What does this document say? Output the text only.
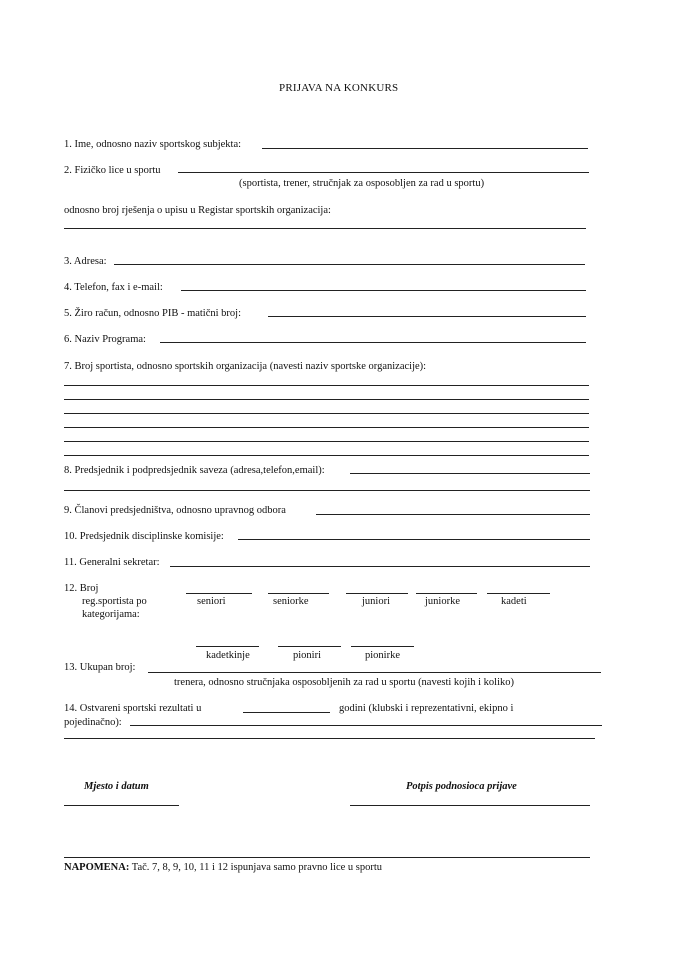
PRIJAVA NA KONKURS
1. Ime, odnosno naziv sportskog subjekta:
2. Fizičko lice u sportu
(sportista, trener, stručnjak za osposobljen za rad u sportu)
odnosno broj rješenja o upisu u Registar sportskih organizacija:
3. Adresa:
4. Telefon, fax i e-mail:
5. Žiro račun, odnosno PIB - matični broj:
6. Naziv Programa:
7. Broj sportista, odnosno sportskih organizacija (navesti naziv sportske organizacije):
8. Predsjednik i podpredsjednik saveza (adresa,telefon,email):
9. Članovi predsjedništva, odnosno upravnog odbora
10. Predsjednik disciplinske komisije:
11. Generalni sekretar:
12. Broj
reg.sportista po
kategorijama:
seniori	seniorke	juniori	juniorke	kadeti
kadetkinje	pioniri	pionirke
13. Ukupan broj:
trenera, odnosno stručnjaka osposobljenih za rad u sportu (navesti kojih i koliko)
14. Ostvareni sportski rezultati u	godini (klubski i reprezentativni, ekipno i
pojedinačno):
Mjesto i datum	Potpis podnosioca prijave
NAPOMENA: Tač. 7, 8, 9, 10, 11 i 12 ispunjava samo pravno lice u sportu
